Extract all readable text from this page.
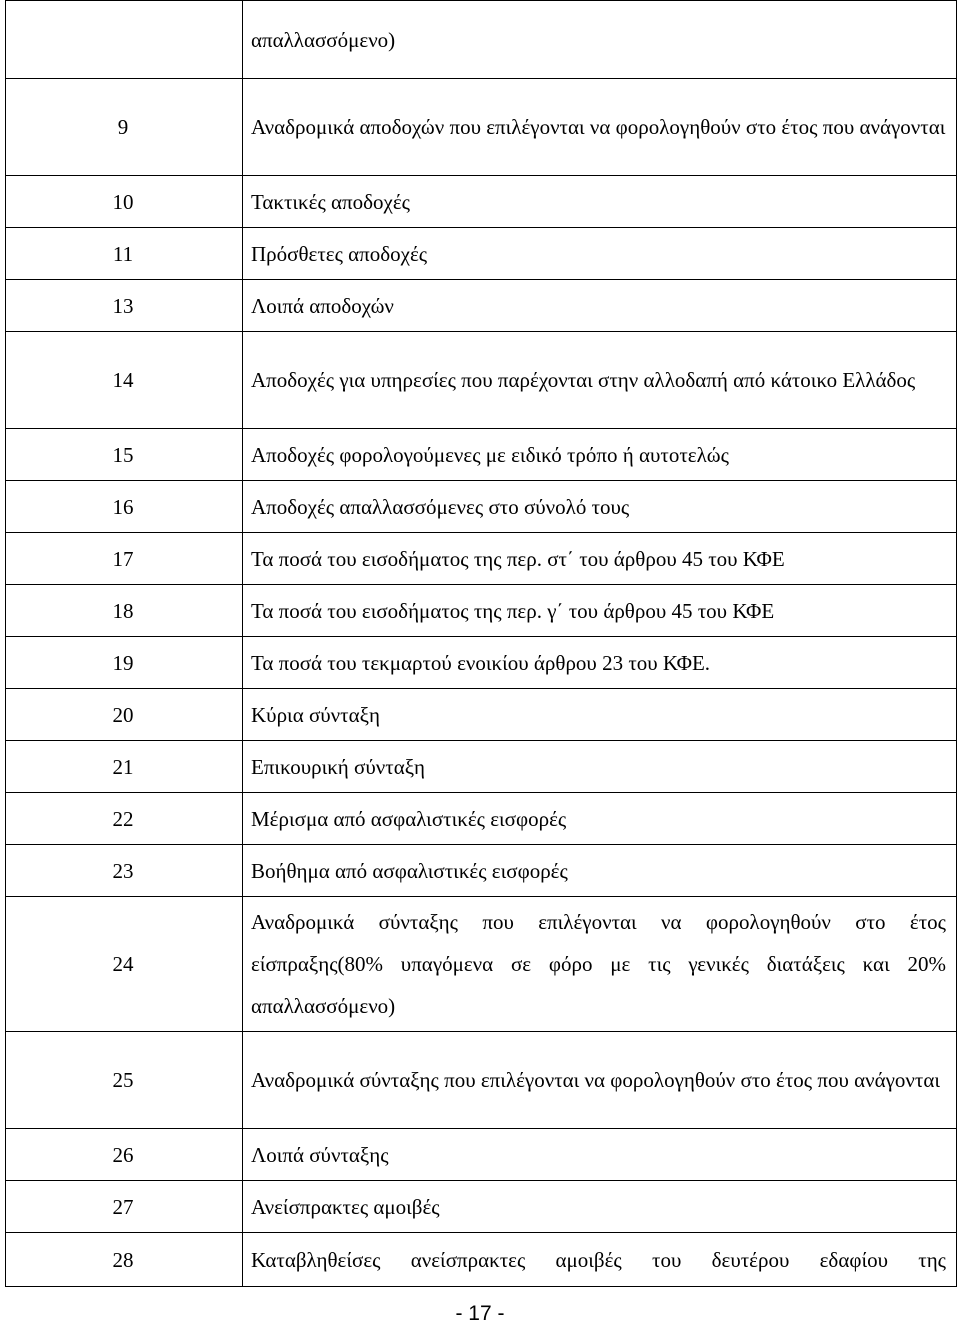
	απαλλασσόμενο)
9	Αναδρομικά αποδοχών που επιλέγονται να φορολογηθούν στο έτος που ανάγονται
10	Τακτικές αποδοχές
11	Πρόσθετες αποδοχές
13	Λοιπά αποδοχών
14	Αποδοχές για υπηρεσίες που παρέχονται στην αλλοδαπή από κάτοικο Ελλάδος
15	Αποδοχές φορολογούμενες με ειδικό τρόπο ή αυτοτελώς
16	Αποδοχές απαλλασσόμενες στο σύνολό τους
17	Τα ποσά του εισοδήματος της περ. στ΄ του άρθρου 45 του ΚΦΕ
18	Τα ποσά του εισοδήματος της περ. γ΄ του άρθρου 45 του ΚΦΕ
19	Τα ποσά του τεκμαρτού ενοικίου άρθρου 23 του ΚΦΕ.
20	Κύρια σύνταξη
21	Επικουρική σύνταξη
22	Μέρισμα από ασφαλιστικές εισφορές
23	Βοήθημα από ασφαλιστικές εισφορές
24	Αναδρομικά σύνταξης που επιλέγονται να φορολογηθούν στο έτος είσπραξης(80% υπαγόμενα σε φόρο με τις γενικές διατάξεις και 20% απαλλασσόμενο)
25	Αναδρομικά σύνταξης που επιλέγονται να φορολογηθούν στο έτος που ανάγονται
26	Λοιπά σύνταξης
27	Ανείσπρακτες αμοιβές
28	Καταβληθείσες ανείσπρακτες αμοιβές του δευτέρου εδαφίου της
- 17 -
